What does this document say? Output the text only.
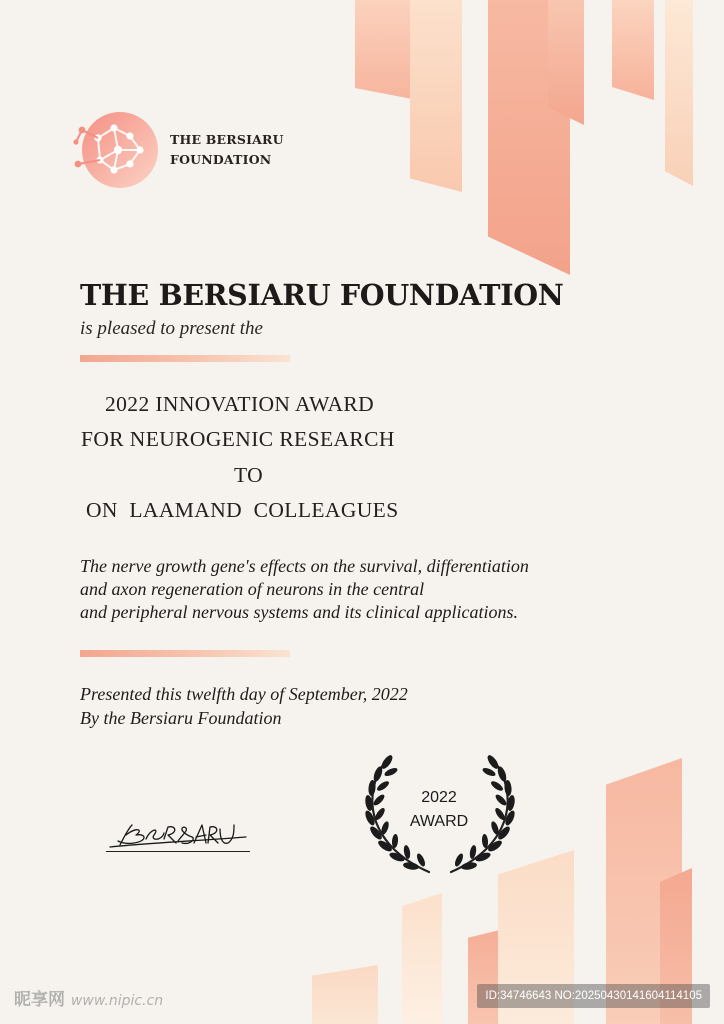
THE BERSIARU
FOUNDATION
THE BERSIARU FOUNDATION
is pleased to present the
2022 INNOVATION AWARD
FOR NEUROGENIC RESEARCH
TO
ON  LAAMAND  COLLEAGUES
The nerve growth gene's effects on the survival, differentiation
and axon regeneration of neurons in the central
and peripheral nervous systems and its clinical applications.
Presented this twelfth day of September, 2022
By the Bersiaru Foundation
2022
AWARD
昵享网 www.nipic.cn	ID:34746643 NO:20250430141604114105
